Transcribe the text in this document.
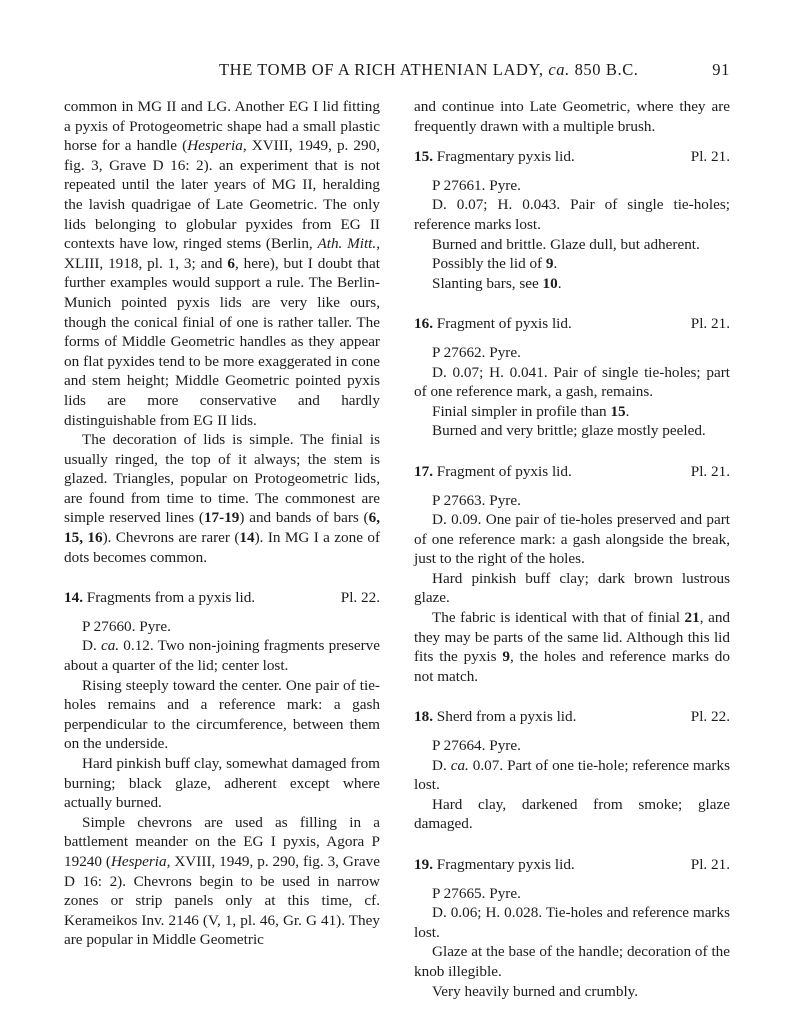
THE TOMB OF A RICH ATHENIAN LADY, ca. 850 B.C.	91

common in MG II and LG. Another EG I lid fitting a pyxis of Protogeometric shape had a small plastic horse for a handle (Hesperia, XVIII, 1949, p. 290, fig. 3, Grave D 16: 2). an experiment that is not repeated until the later years of MG II, heralding the lavish quadrigae of Late Geometric. The only lids belonging to globular pyxides from EG II contexts have low, ringed stems (Berlin, Ath. Mitt., XLIII, 1918, pl. 1, 3; and 6, here), but I doubt that further examples would support a rule. The Berlin-Munich pointed pyxis lids are very like ours, though the conical finial of one is rather taller. The forms of Middle Geometric handles as they appear on flat pyxides tend to be more exaggerated in cone and stem height; Middle Geometric pointed pyxis lids are more conservative and hardly distinguishable from EG II lids.

The decoration of lids is simple. The finial is usually ringed, the top of it always; the stem is glazed. Triangles, popular on Protogeometric lids, are found from time to time. The commonest are simple reserved lines (17-19) and bands of bars (6, 15, 16). Chevrons are rarer (14). In MG I a zone of dots becomes common.

14. Fragments from a pyxis lid.	Pl. 22.

P 27660. Pyre.

D. ca. 0.12. Two non-joining fragments preserve about a quarter of the lid; center lost.

Rising steeply toward the center. One pair of tie-holes remains and a reference mark: a gash perpendicular to the circumference, between them on the underside.

Hard pinkish buff clay, somewhat damaged from burning; black glaze, adherent except where actually burned.

Simple chevrons are used as filling in a battlement meander on the EG I pyxis, Agora P 19240 (Hesperia, XVIII, 1949, p. 290, fig. 3, Grave D 16: 2). Chevrons begin to be used in narrow zones or strip panels only at this time, cf. Kerameikos Inv. 2146 (V, 1, pl. 46, Gr. G 41). They are popular in Middle Geometric

and continue into Late Geometric, where they are frequently drawn with a multiple brush.

15. Fragmentary pyxis lid.	Pl. 21.

P 27661. Pyre.

D. 0.07; H. 0.043. Pair of single tie-holes; reference marks lost.

Burned and brittle. Glaze dull, but adherent.

Possibly the lid of 9.

Slanting bars, see 10.

16. Fragment of pyxis lid.	Pl. 21.

P 27662. Pyre.

D. 0.07; H. 0.041. Pair of single tie-holes; part of one reference mark, a gash, remains.

Finial simpler in profile than 15.

Burned and very brittle; glaze mostly peeled.

17. Fragment of pyxis lid.	Pl. 21.

P 27663. Pyre.

D. 0.09. One pair of tie-holes preserved and part of one reference mark: a gash alongside the break, just to the right of the holes.

Hard pinkish buff clay; dark brown lustrous glaze.

The fabric is identical with that of finial 21, and they may be parts of the same lid. Although this lid fits the pyxis 9, the holes and reference marks do not match.

18. Sherd from a pyxis lid.	Pl. 22.

P 27664. Pyre.

D. ca. 0.07. Part of one tie-hole; reference marks lost.

Hard clay, darkened from smoke; glaze damaged.

19. Fragmentary pyxis lid.	Pl. 21.

P 27665. Pyre.

D. 0.06; H. 0.028. Tie-holes and reference marks lost.

Glaze at the base of the handle; decoration of the knob illegible.

Very heavily burned and crumbly.
